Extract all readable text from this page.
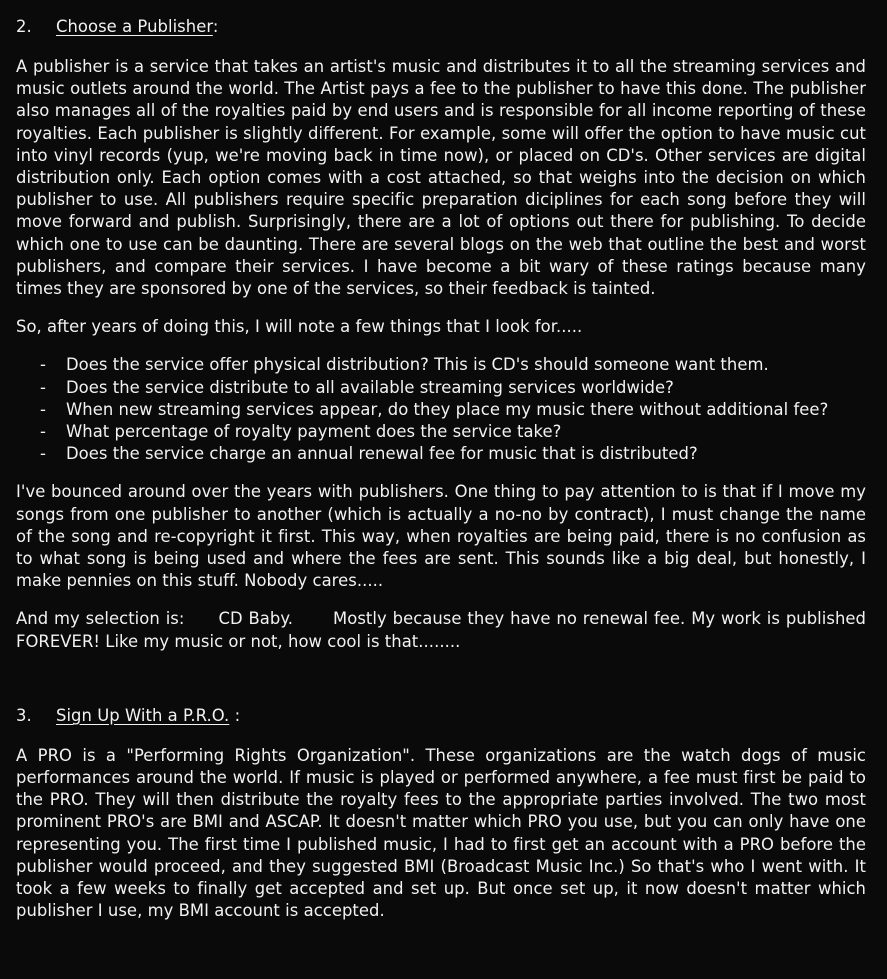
2.	Choose a Publisher:

A publisher is a service that takes an artist's music and distributes it to all the streaming services and music outlets around the world. The Artist pays a fee to the publisher to have this done. The publisher also manages all of the royalties paid by end users and is responsible for all income reporting of these royalties. Each publisher is slightly different. For example, some will offer the option to have music cut into vinyl records (yup, we're moving back in time now), or placed on CD's. Other services are digital distribution only. Each option comes with a cost attached, so that weighs into the decision on which publisher to use. All publishers require specific preparation diciplines for each song before they will move forward and publish. Surprisingly, there are a lot of options out there for publishing. To decide which one to use can be daunting. There are several blogs on the web that outline the best and worst publishers, and compare their services. I have become a bit wary of these ratings because many times they are sponsored by one of the services, so their feedback is tainted.

So, after years of doing this, I will note a few things that I look for.....

- Does the service offer physical distribution? This is CD's should someone want them.
- Does the service distribute to all available streaming services worldwide?
- When new streaming services appear, do they place my music there without additional fee?
- What percentage of royalty payment does the service take?
- Does the service charge an annual renewal fee for music that is distributed?

I've bounced around over the years with publishers. One thing to pay attention to is that if I move my songs from one publisher to another (which is actually a no-no by contract), I must change the name of the song and re-copyright it first. This way, when royalties are being paid, there is no confusion as to what song is being used and where the fees are sent. This sounds like a big deal, but honestly, I make pennies on this stuff. Nobody cares.....

And my selection is: CD Baby. Mostly because they have no renewal fee. My work is published FOREVER! Like my music or not, how cool is that........

3.	Sign Up With a P.R.O. :

A PRO is a "Performing Rights Organization". These organizations are the watch dogs of music performances around the world. If music is played or performed anywhere, a fee must first be paid to the PRO. They will then distribute the royalty fees to the appropriate parties involved. The two most prominent PRO's are BMI and ASCAP. It doesn't matter which PRO you use, but you can only have one representing you. The first time I published music, I had to first get an account with a PRO before the publisher would proceed, and they suggested BMI (Broadcast Music Inc.) So that's who I went with. It took a few weeks to finally get accepted and set up. But once set up, it now doesn't matter which publisher I use, my BMI account is accepted.
